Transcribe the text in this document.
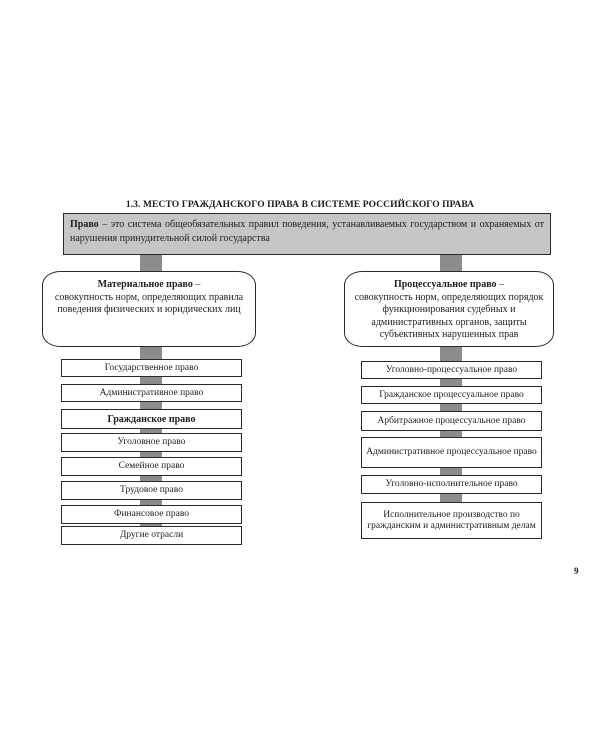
1.3. МЕСТО ГРАЖДАНСКОГО ПРАВА В СИСТЕМЕ РОССИЙСКОГО ПРАВА
Право – это система общеобязательных правил поведения, устанавливаемых государством и охраняемых от нарушения принудительной силой государства
Материальное право –
совокупность норм, определяющих правила поведения физических и юридических лиц
Процессуальное право –
совокупность норм, определяющих порядок функционирования судебных и административных органов, защиты субъективных нарушенных прав
Государственное право
Административное право
Гражданское право
Уголовное право
Семейное право
Трудовое право
Финансовое право
Другие отрасли
Уголовно-процессуальное право
Гражданское процессуальное право
Арбитражное процессуальное право
Административное процессуальное право
Уголовно-исполнительное право
Исполнительное производство по гражданским и административным делам
9
